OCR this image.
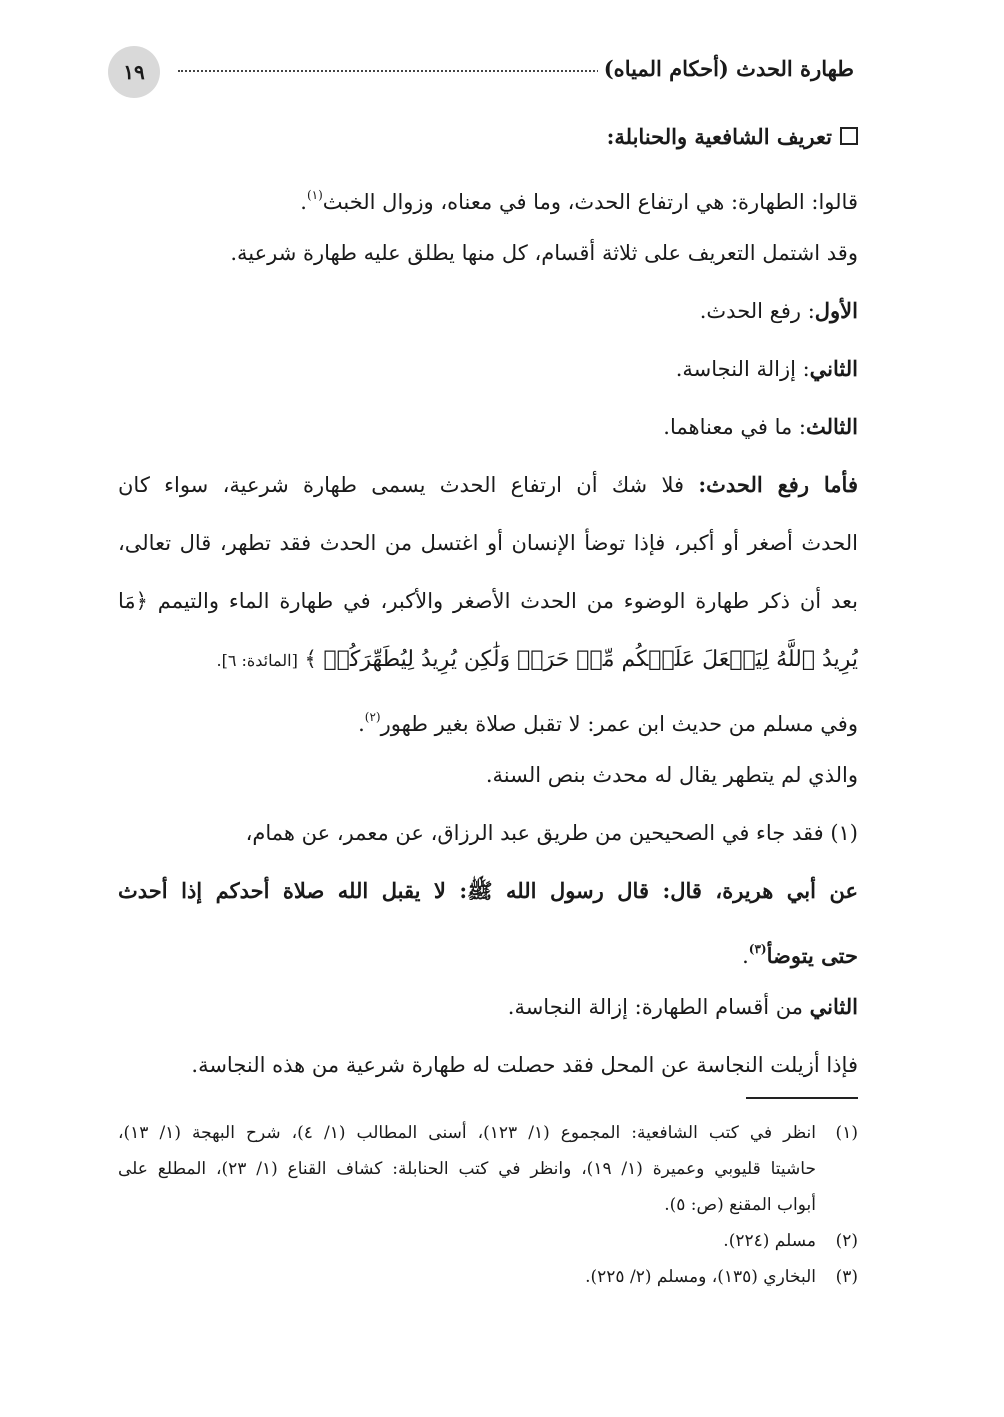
طهارة الحدث (أحكام المياه)
١٩
تعريف الشافعية والحنابلة:
قالوا: الطهارة: هي ارتفاع الحدث، وما في معناه، وزوال الخبث$^{(١)}$.
وقد اشتمل التعريف على ثلاثة أقسام، كل منها يطلق عليه طهارة شرعية.
الأول: رفع الحدث.
الثاني: إزالة النجاسة.
الثالث: ما في معناهما.
فأما رفع الحدث: فلا شك أن ارتفاع الحدث يسمى طهارة شرعية، سواء كان
الحدث أصغر أو أكبر، فإذا توضأ الإنسان أو اغتسل من الحدث فقد تطهر، قال تعالى،
بعد أن ذكر طهارة الوضوء من الحدث الأصغر والأكبر، في طهارة الماء والتيمم ﴿مَا
يُرِيدُ ٱللَّهُ لِيَجۡعَلَ عَلَيۡكُم مِّنۡ حَرَجٖ وَلَٰكِن يُرِيدُ لِيُطَهِّرَكُمۡ ﴾ [المائدة: ٦].
وفي مسلم من حديث ابن عمر: لا تقبل صلاة بغير طهور$^{(٢)}$.
والذي لم يتطهر يقال له محدث بنص السنة.
(١) فقد جاء في الصحيحين من طريق عبد الرزاق، عن معمر، عن همام،
عن أبي هريرة، قال: قال رسول الله ﷺ: لا يقبل الله صلاة أحدكم إذا أحدث
حتى يتوضأ$^{(٣)}$.
الثاني من أقسام الطهارة: إزالة النجاسة.
فإذا أزيلت النجاسة عن المحل فقد حصلت له طهارة شرعية من هذه النجاسة.
(١)انظر في كتب الشافعية: المجموع (١/ ١٢٣)، أسنى المطالب (١/ ٤)، شرح البهجة (١/ ١٣)،
حاشيتا قليوبي وعميرة (١/ ١٩)، وانظر في كتب الحنابلة: كشاف القناع (١/ ٢٣)، المطلع على
أبواب المقنع (ص: ٥).
(٢)مسلم (٢٢٤).
(٣)البخاري (١٣٥)، ومسلم (٢/ ٢٢٥).
